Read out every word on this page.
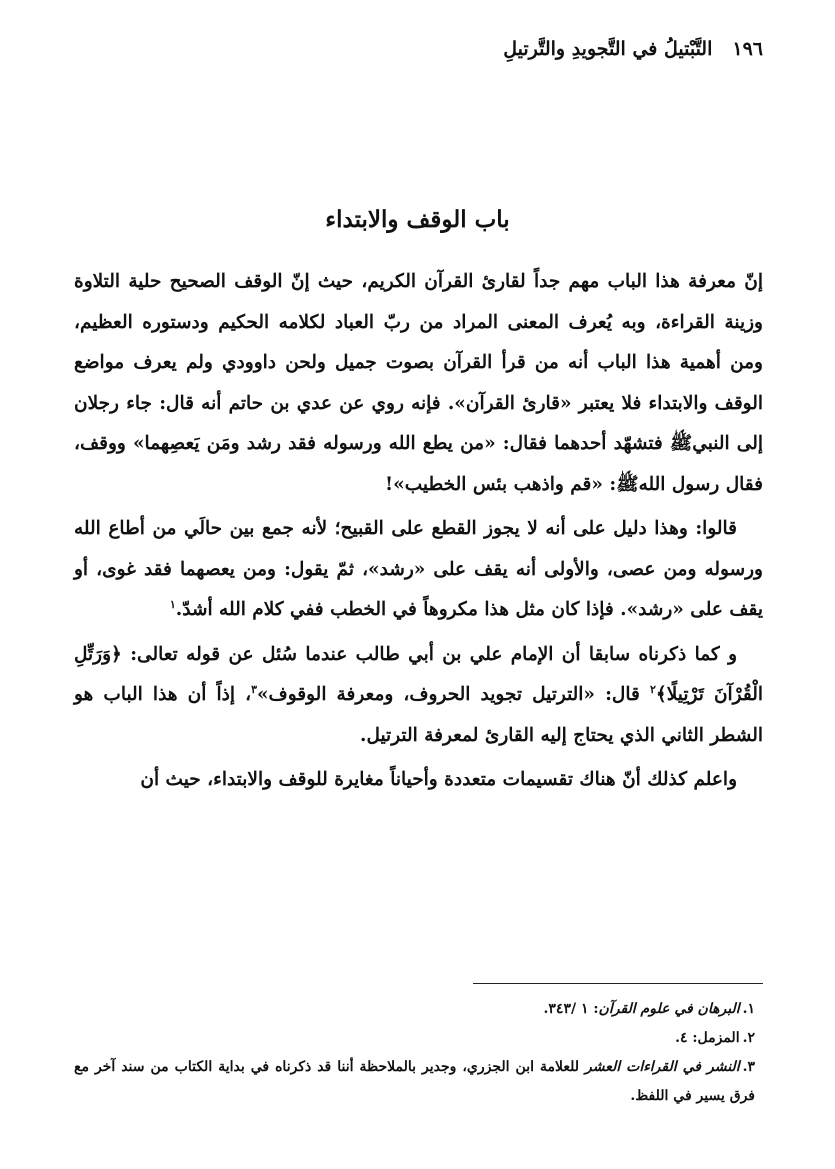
١٩٦
التَّبْتيلُ في التَّجويدِ والتَّرتيلِ
باب الوقف والابتداء

إنّ معرفة هذا الباب مهم جداً لقارئ القرآن الكريم، حيث إنّ الوقف الصحيح حلية التلاوة وزينة القراءة، وبه يُعرف المعنى المراد من ربّ العباد لكلامه الحكيم ودستوره العظيم، ومن أهمية هذا الباب أنه من قرأ القرآن بصوت جميل ولحن داوودي ولم يعرف مواضع الوقف والابتداء فلا يعتبر «قارئ القرآن». فإنه روي عن عدي بن حاتم أنه قال: جاء رجلان إلى النبيﷺ فتشهّد أحدهما فقال: «من يطع الله ورسوله فقد رشد ومَن يَعصِهما» ووقف، فقال رسول اللهﷺ: «قم واذهب بئس الخطيب»!

قالوا: وهذا دليل على أنه لا يجوز القطع على القبيح؛ لأنه جمع بين حالَي من أطاع الله ورسوله ومن عصى، والأولى أنه يقف على «رشد»، ثمّ يقول: ومن يعصهما فقد غوى، أو يقف على «رشد». فإذا كان مثل هذا مكروهاً في الخطب ففي كلام الله أشدّ.$^١$

و كما ذكرناه سابقا أن الإمام علي بن أبي طالب عندما سُئل عن قوله تعالى: ﴿وَرَتِّلِ الْقُرْآنَ تَرْتِيلًا﴾$^٢$ قال: «الترتيل تجويد الحروف، ومعرفة الوقوف»$^٣$، إذاً أن هذا الباب هو الشطر الثاني الذي يحتاج إليه القارئ لمعرفة الترتيل.

واعلم كذلك أنّ هناك تقسيمات متعددة وأحياناً مغايرة للوقف والابتداء، حيث أن

١.البرهان في علوم القرآن: ١ /٣٤٣.

٢.المزمل: ٤.

٣.النشر في القراءات العشر للعلامة ابن الجزري، وجدير بالملاحظة أننا قد ذكرناه في بداية الكتاب من سند آخر مع فرق يسير في اللفظ.
